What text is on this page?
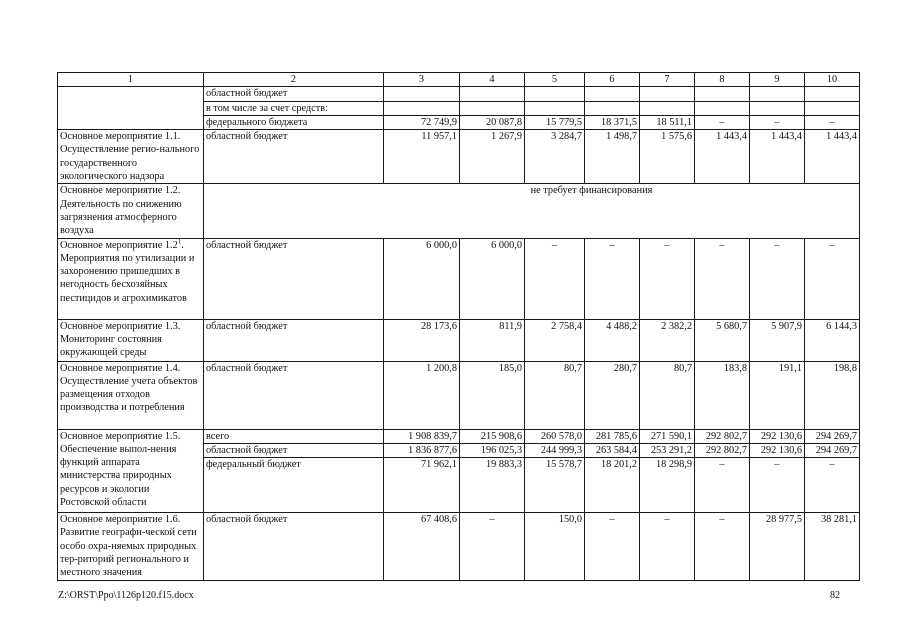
1	2	3	4	5	6	7	8	9	10
	областной бюджет								
	в том числе за счет средств:								
	федерального бюджета	72 749,9	20 087,8	15 779,5	18 371,5	18 511,1	–	–	–
Основное мероприятие 1.1. Осуществление регио-нального государственного экологического надзора	областной бюджет	11 957,1	1 267,9	3 284,7	1 498,7	1 575,6	1 443,4	1 443,4	1 443,4
Основное мероприятие 1.2. Деятельность по снижению загрязнения атмосферного воздуха	не требует финансирования								
Основное мероприятие $1.2^1$. Мероприятия по утилизации и захоронению пришедших в негодность бесхозяйных пестицидов и агрохимикатов	областной бюджет	6 000,0	6 000,0	–	–	–	–	–	–
Основное мероприятие 1.3. Мониторинг состояния окружающей среды	областной бюджет	28 173,6	811,9	2 758,4	4 488,2	2 382,2	5 680,7	5 907,9	6 144,3
Основное мероприятие 1.4. Осуществление учета объектов размещения отходов производства и потребления	областной бюджет	1 200,8	185,0	80,7	280,7	80,7	183,8	191,1	198,8
Основное мероприятие 1.5. Обеспечение выпол-нения функций аппарата министерства природных ресурсов и экологии Ростовской области	всего	1 908 839,7	215 908,6	260 578,0	281 785,6	271 590,1	292 802,7	292 130,6	294 269,7
	областной бюджет	1 836 877,6	196 025,3	244 999,3	263 584,4	253 291,2	292 802,7	292 130,6	294 269,7
	федеральный бюджет	71 962,1	19 883,3	15 578,7	18 201,2	18 298,9	–	–	–
Основное мероприятие 1.6. Развитие географи-ческой сети особо охра-няемых природных тер-риторий регионального и местного значения	областной бюджет	67 408,6	–	150,0	–	–	–	28 977,5	38 281,1
Z:\ORST\Ppo\1126p120.f15.docx	82
